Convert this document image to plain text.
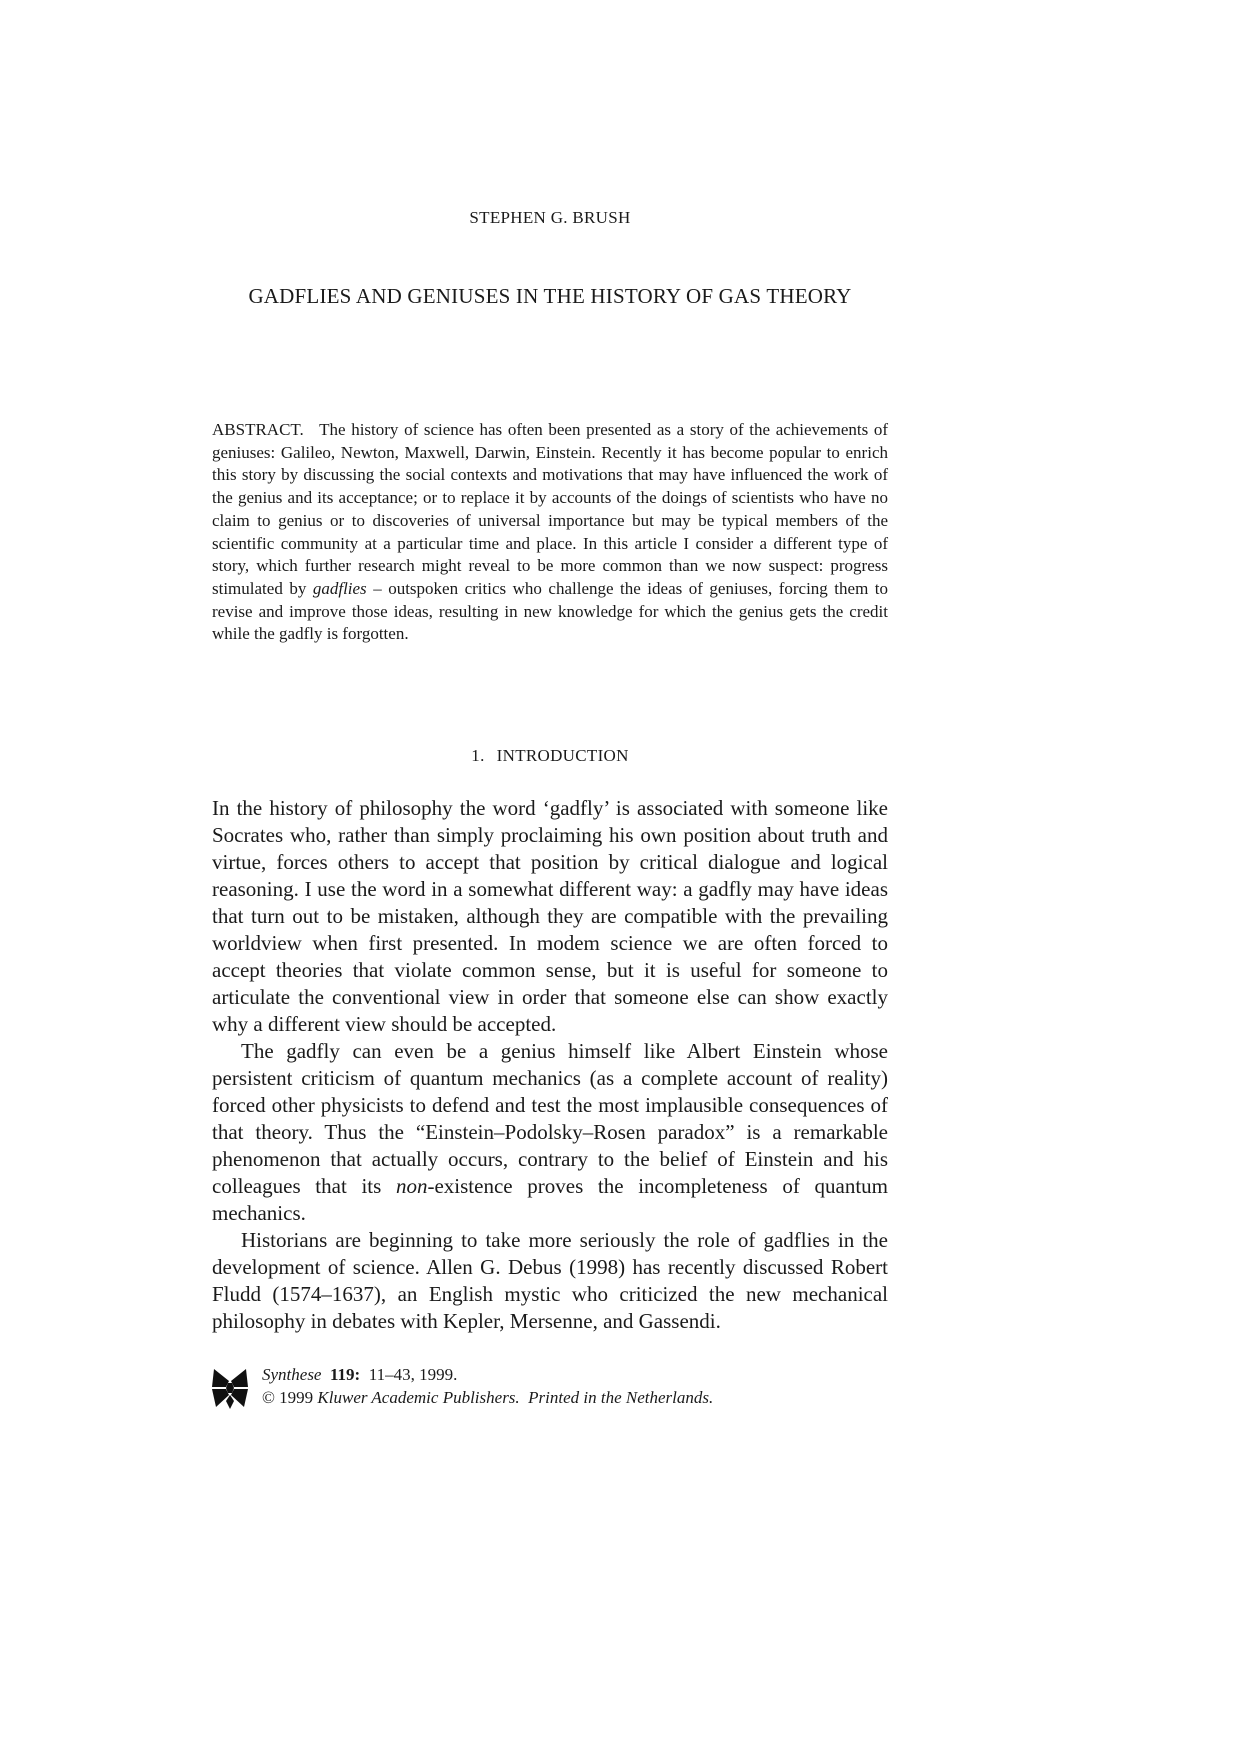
STEPHEN G. BRUSH
GADFLIES AND GENIUSES IN THE HISTORY OF GAS THEORY
ABSTRACT. The history of science has often been presented as a story of the achievements of geniuses: Galileo, Newton, Maxwell, Darwin, Einstein. Recently it has become popular to enrich this story by discussing the social contexts and motivations that may have influenced the work of the genius and its acceptance; or to replace it by accounts of the doings of scientists who have no claim to genius or to discoveries of universal importance but may be typical members of the scientific community at a particular time and place. In this article I consider a different type of story, which further research might reveal to be more common than we now suspect: progress stimulated by gadflies – outspoken critics who challenge the ideas of geniuses, forcing them to revise and improve those ideas, resulting in new knowledge for which the genius gets the credit while the gadfly is forgotten.
1. INTRODUCTION

In the history of philosophy the word ‘gadfly’ is associated with someone like Socrates who, rather than simply proclaiming his own position about truth and virtue, forces others to accept that position by critical dialogue and logical reasoning. I use the word in a somewhat different way: a gadfly may have ideas that turn out to be mistaken, although they are compatible with the prevailing worldview when first presented. In modem science we are often forced to accept theories that violate common sense, but it is useful for someone to articulate the conventional view in order that someone else can show exactly why a different view should be accepted.

The gadfly can even be a genius himself like Albert Einstein whose persistent criticism of quantum mechanics (as a complete account of reality) forced other physicists to defend and test the most implausible consequences of that theory. Thus the “Einstein–Podolsky–Rosen paradox” is a remarkable phenomenon that actually occurs, contrary to the belief of Einstein and his colleagues that its non-existence proves the incompleteness of quantum mechanics.

Historians are beginning to take more seriously the role of gadflies in the development of science. Allen G. Debus (1998) has recently discussed Robert Fludd (1574–1637), an English mystic who criticized the new mechanical philosophy in debates with Kepler, Mersenne, and Gassendi.

Synthese 119: 11–43, 1999.
© 1999 Kluwer Academic Publishers. Printed in the Netherlands.
